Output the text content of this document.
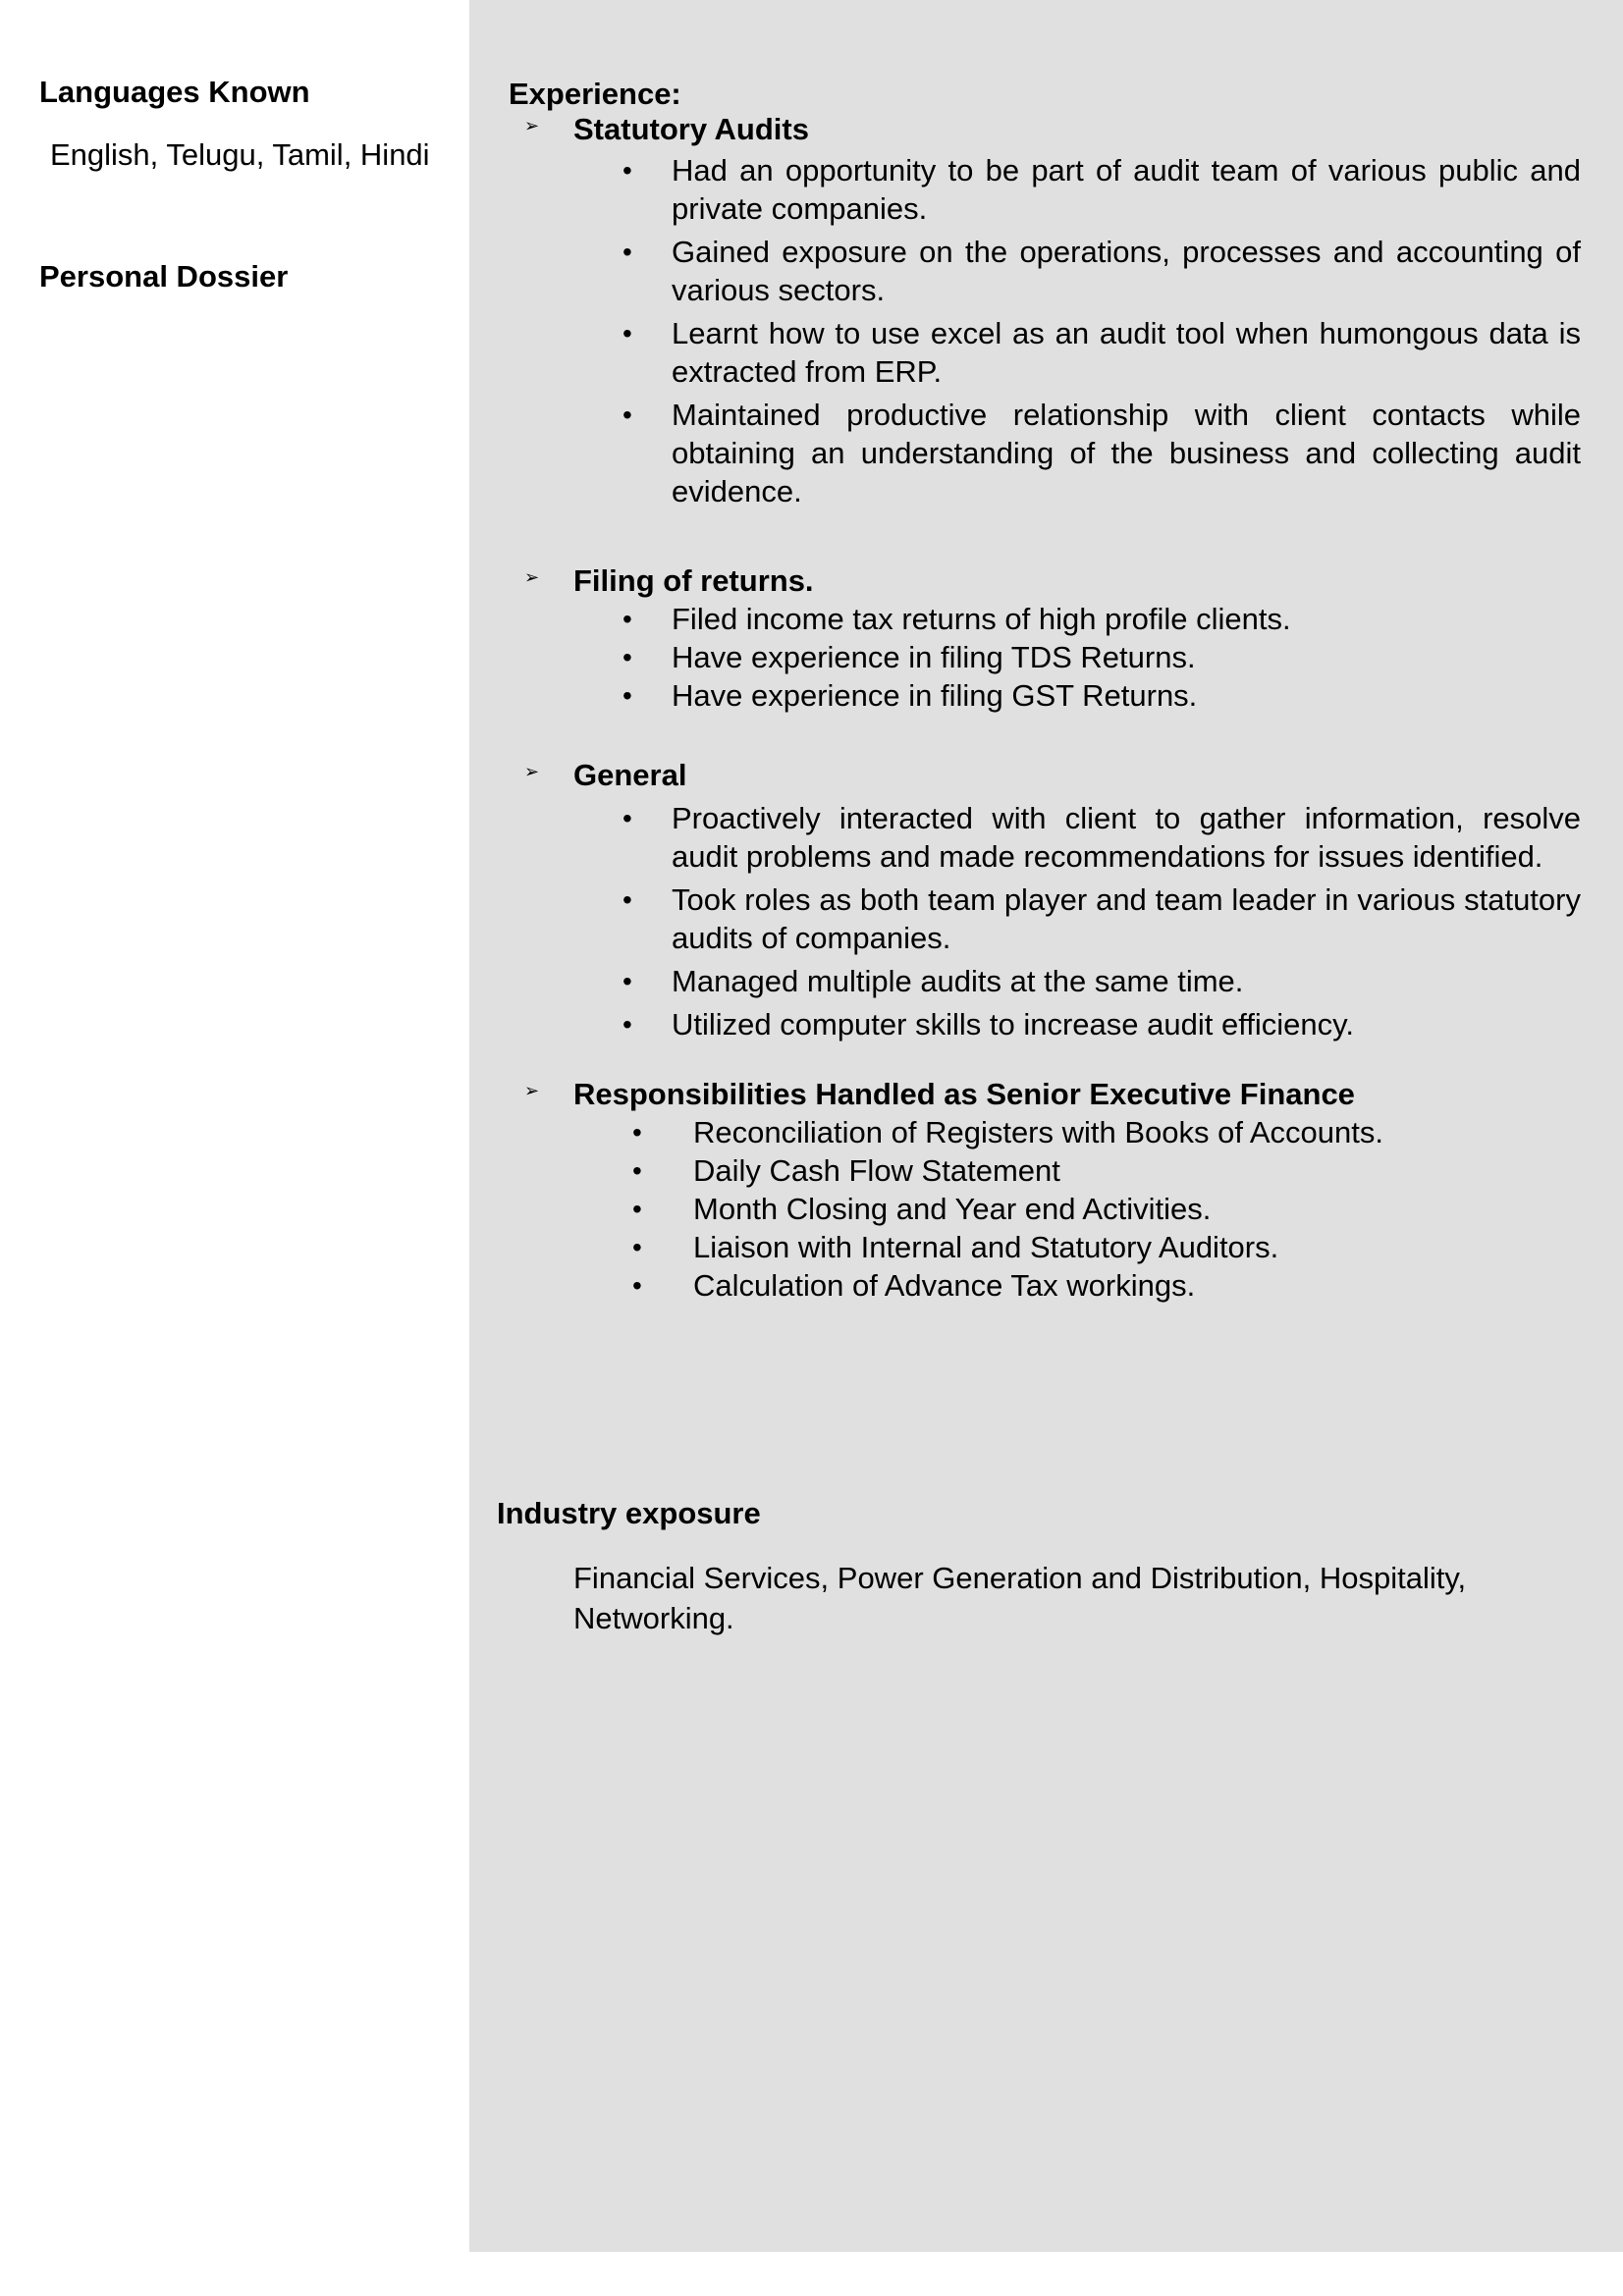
Languages Known
English, Telugu, Tamil, Hindi
Personal Dossier
Experience:
➢ Statutory Audits
• Had an opportunity to be part of audit team of various public and private companies.
• Gained exposure on the operations, processes and accounting of various sectors.
• Learnt how to use excel as an audit tool when humongous data is extracted from ERP.
• Maintained productive relationship with client contacts while obtaining an understanding of the business and collecting audit evidence.
➢ Filing of returns.
• Filed income tax returns of high profile clients.
• Have experience in filing TDS Returns.
• Have experience in filing GST Returns.
➢ General
• Proactively interacted with client to gather information, resolve audit problems and made recommendations for issues identified.
• Took roles as both team player and team leader in various statutory audits of companies.
• Managed multiple audits at the same time.
• Utilized computer skills to increase audit efficiency.
➢ Responsibilities Handled as Senior Executive Finance
• Reconciliation of Registers with Books of Accounts.
• Daily Cash Flow Statement
• Month Closing and Year end Activities.
• Liaison with Internal and Statutory Auditors.
• Calculation of Advance Tax workings.
Industry exposure
Financial Services, Power Generation and Distribution, Hospitality, Networking.
